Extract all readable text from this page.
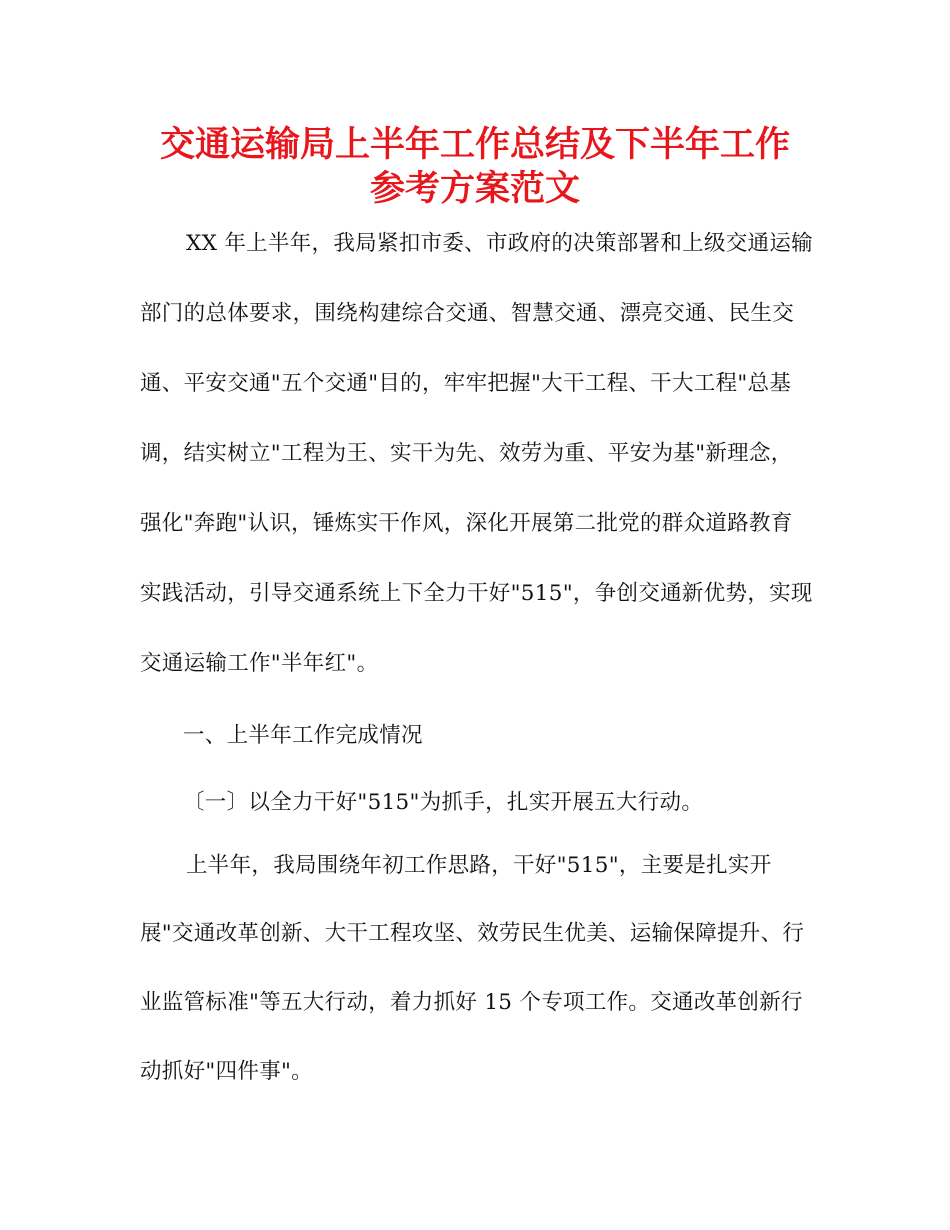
交通运输局上半年工作总结及下半年工作
参考方案范文
XX 年上半年，我局紧扣市委、市政府的决策部署和上级交通运输
部门的总体要求，围绕构建综合交通、智慧交通、漂亮交通、民生交
通、平安交通"五个交通"目的，牢牢把握"大干工程、干大工程"总基
调，结实树立"工程为王、实干为先、效劳为重、平安为基"新理念，
强化"奔跑"认识，锤炼实干作风，深化开展第二批党的群众道路教育
实践活动，引导交通系统上下全力干好"515"，争创交通新优势，实现
交通运输工作"半年红"。
一、上半年工作完成情况
〔一〕以全力干好"515"为抓手，扎实开展五大行动。
上半年，我局围绕年初工作思路，干好"515"，主要是扎实开
展"交通改革创新、大干工程攻坚、效劳民生优美、运输保障提升、行
业监管标准"等五大行动，着力抓好 15 个专项工作。交通改革创新行
动抓好"四件事"。
